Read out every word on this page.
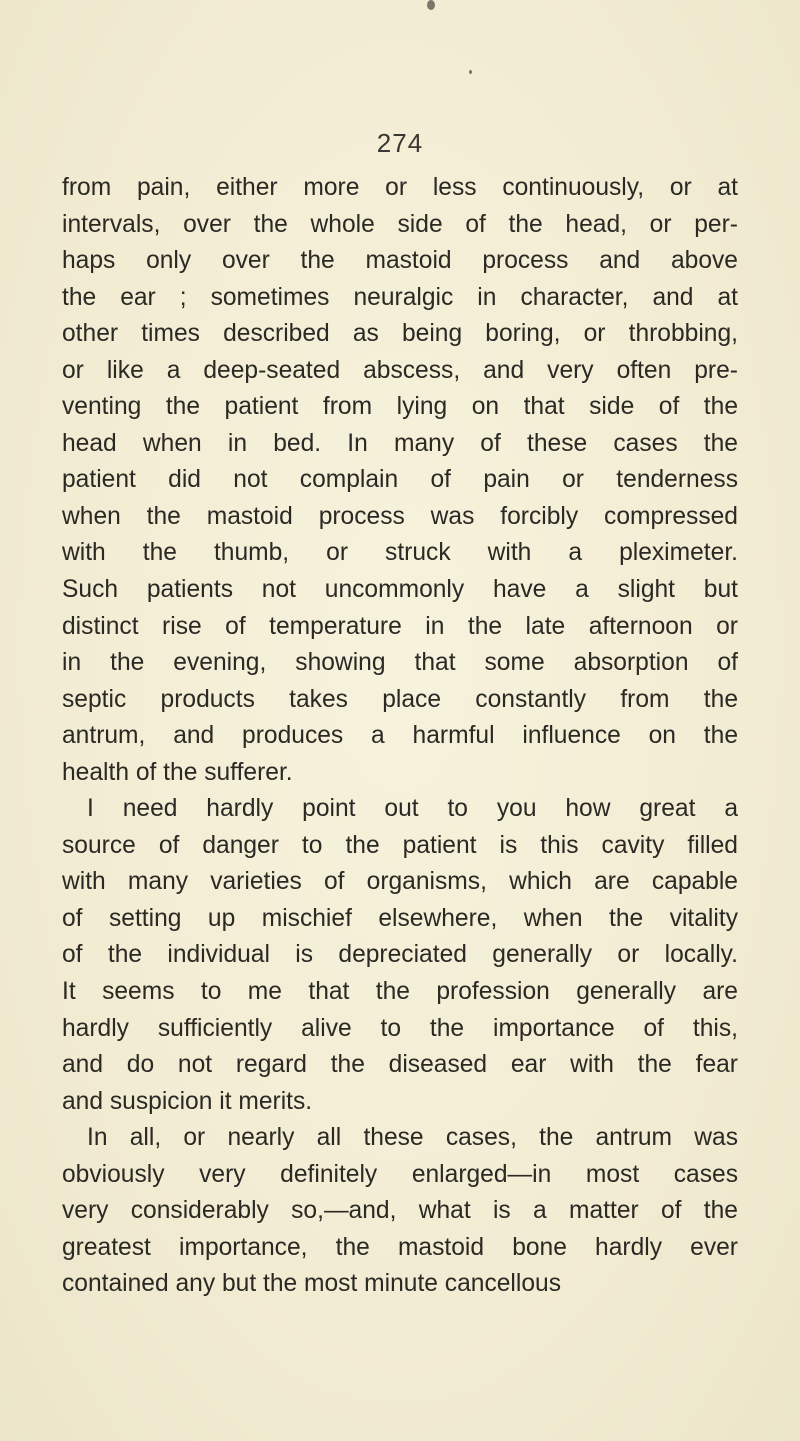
274
from pain, either more or less continuously, or at
intervals, over the whole side of the head, or per-
haps only over the mastoid process and above
the ear ; sometimes neuralgic in character, and at
other times described as being boring, or throbbing,
or like a deep-seated abscess, and very often pre-
venting the patient from lying on that side of the
head when in bed. In many of these cases the
patient did not complain of pain or tenderness
when the mastoid process was forcibly compressed
with the thumb, or struck with a pleximeter.
Such patients not uncommonly have a slight but
distinct rise of temperature in the late afternoon or
in the evening, showing that some absorption of
septic products takes place constantly from the
antrum, and produces a harmful influence on the
health of the sufferer.
I need hardly point out to you how great a
source of danger to the patient is this cavity filled
with many varieties of organisms, which are capable
of setting up mischief elsewhere, when the vitality
of the individual is depreciated generally or locally.
It seems to me that the profession generally are
hardly sufficiently alive to the importance of this,
and do not regard the diseased ear with the fear
and suspicion it merits.
In all, or nearly all these cases, the antrum was
obviously very definitely enlarged—in most cases
very considerably so,—and, what is a matter of the
greatest importance, the mastoid bone hardly ever
contained any but the most minute cancellous
